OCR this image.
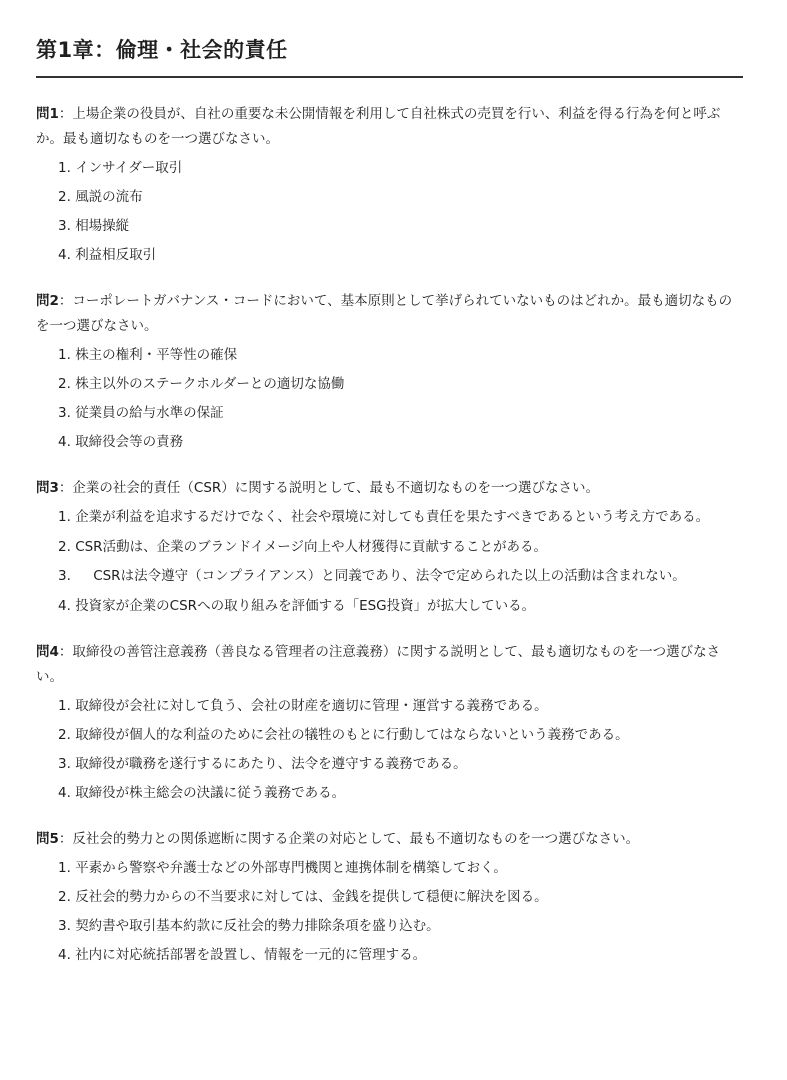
第1章：倫理・社会的責任

問1：上場企業の役員が、自社の重要な未公開情報を利用して自社株式の売買を行い、利益を得る行為を何と呼ぶか。最も適切なものを一つ選びなさい。

1. インサイダー取引
2. 風説の流布
3. 相場操縦
4. 利益相反取引

問2：コーポレートガバナンス・コードにおいて、基本原則として挙げられていないものはどれか。最も適切なものを一つ選びなさい。

1. 株主の権利・平等性の確保
2. 株主以外のステークホルダーとの適切な協働
3. 従業員の給与水準の保証
4. 取締役会等の責務

問3：企業の社会的責任（CSR）に関する説明として、最も不適切なものを一つ選びなさい。

1. 企業が利益を追求するだけでなく、社会や環境に対しても責任を果たすべきであるという考え方である。
2. CSR活動は、企業のブランドイメージ向上や人材獲得に貢献することがある。
3. CSRは法令遵守（コンプライアンス）と同義であり、法令で定められた以上の活動は含まれない。
4. 投資家が企業のCSRへの取り組みを評価する「ESG投資」が拡大している。

問4：取締役の善管注意義務（善良なる管理者の注意義務）に関する説明として、最も適切なものを一つ選びなさい。

1. 取締役が会社に対して負う、会社の財産を適切に管理・運営する義務である。
2. 取締役が個人的な利益のために会社の犠牲のもとに行動してはならないという義務である。
3. 取締役が職務を遂行するにあたり、法令を遵守する義務である。
4. 取締役が株主総会の決議に従う義務である。

問5：反社会的勢力との関係遮断に関する企業の対応として、最も不適切なものを一つ選びなさい。

1. 平素から警察や弁護士などの外部専門機関と連携体制を構築しておく。
2. 反社会的勢力からの不当要求に対しては、金銭を提供して穏便に解決を図る。
3. 契約書や取引基本約款に反社会的勢力排除条項を盛り込む。
4. 社内に対応統括部署を設置し、情報を一元的に管理する。
